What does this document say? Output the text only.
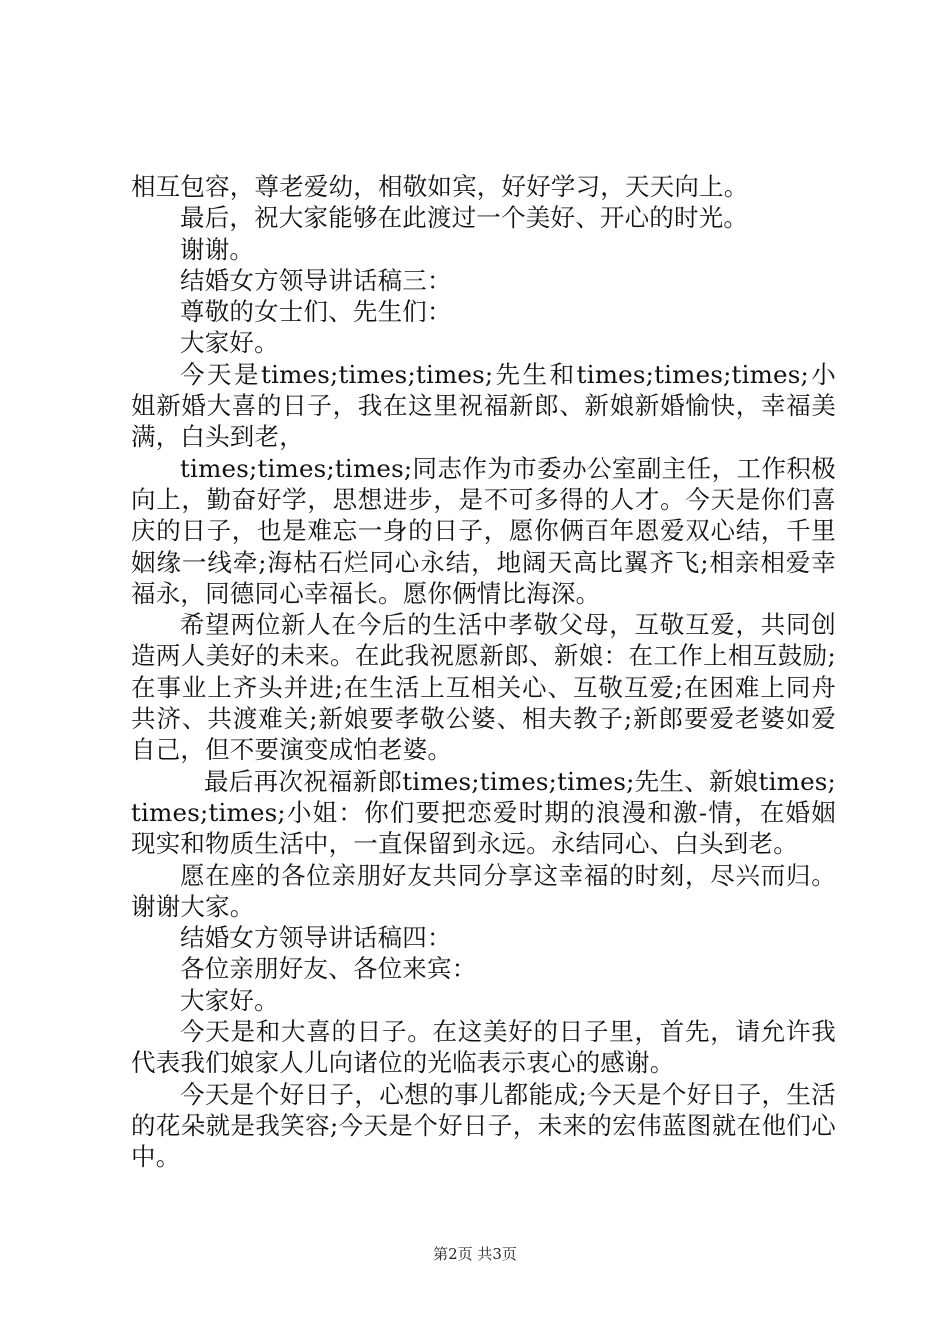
相互包容，尊老爱幼，相敬如宾，好好学习，天天向上。

最后，祝大家能够在此渡过一个美好、开心的时光。

谢谢。

结婚女方领导讲话稿三：

尊敬的女士们、先生们：

大家好。

今天是times;times;times;先生和times;times;times;小姐新婚大喜的日子，我在这里祝福新郎、新娘新婚愉快，幸福美满，白头到老，

times;times;times;同志作为市委办公室副主任，工作积极向上，勤奋好学，思想进步，是不可多得的人才。今天是你们喜庆的日子，也是难忘一身的日子，愿你俩百年恩爱双心结，千里姻缘一线牵;海枯石烂同心永结，地阔天高比翼齐飞;相亲相爱幸福永，同德同心幸福长。愿你俩情比海深。

希望两位新人在今后的生活中孝敬父母，互敬互爱，共同创造两人美好的未来。在此我祝愿新郎、新娘：在工作上相互鼓励;在事业上齐头并进;在生活上互相关心、互敬互爱;在困难上同舟共济、共渡难关;新娘要孝敬公婆、相夫教子;新郎要爱老婆如爱自己，但不要演变成怕老婆。

最后再次祝福新郎times;times;times;先生、新娘times;times;times;小姐：你们要把恋爱时期的浪漫和激-情，在婚姻现实和物质生活中，一直保留到永远。永结同心、白头到老。

愿在座的各位亲朋好友共同分享这幸福的时刻，尽兴而归。谢谢大家。

结婚女方领导讲话稿四：

各位亲朋好友、各位来宾：

大家好。

今天是和大喜的日子。在这美好的日子里，首先，请允许我代表我们娘家人儿向诸位的光临表示衷心的感谢。

今天是个好日子，心想的事儿都能成;今天是个好日子，生活的花朵就是我笑容;今天是个好日子，未来的宏伟蓝图就在他们心中。

第2页 共3页
